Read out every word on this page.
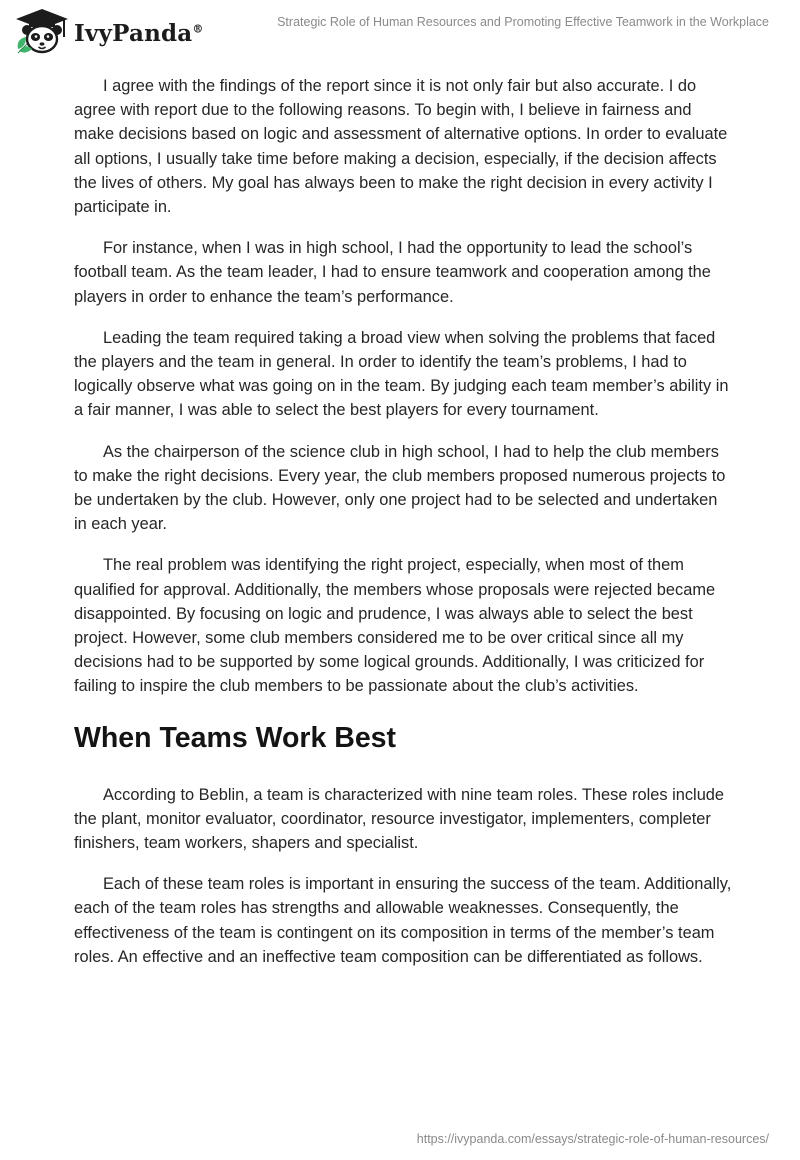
IvyPanda®	Strategic Role of Human Resources and Promoting Effective Teamwork in the Workplace

I agree with the findings of the report since it is not only fair but also accurate. I do agree with report due to the following reasons. To begin with, I believe in fairness and make decisions based on logic and assessment of alternative options. In order to evaluate all options, I usually take time before making a decision, especially, if the decision affects the lives of others. My goal has always been to make the right decision in every activity I participate in.

For instance, when I was in high school, I had the opportunity to lead the school’s football team. As the team leader, I had to ensure teamwork and cooperation among the players in order to enhance the team’s performance.

Leading the team required taking a broad view when solving the problems that faced the players and the team in general. In order to identify the team’s problems, I had to logically observe what was going on in the team. By judging each team member’s ability in a fair manner, I was able to select the best players for every tournament.

As the chairperson of the science club in high school, I had to help the club members to make the right decisions. Every year, the club members proposed numerous projects to be undertaken by the club. However, only one project had to be selected and undertaken in each year.

The real problem was identifying the right project, especially, when most of them qualified for approval. Additionally, the members whose proposals were rejected became disappointed. By focusing on logic and prudence, I was always able to select the best project. However, some club members considered me to be over critical since all my decisions had to be supported by some logical grounds. Additionally, I was criticized for failing to inspire the club members to be passionate about the club’s activities.

When Teams Work Best

According to Beblin, a team is characterized with nine team roles. These roles include the plant, monitor evaluator, coordinator, resource investigator, implementers, completer finishers, team workers, shapers and specialist.

Each of these team roles is important in ensuring the success of the team. Additionally, each of the team roles has strengths and allowable weaknesses. Consequently, the effectiveness of the team is contingent on its composition in terms of the member’s team roles. An effective and an ineffective team composition can be differentiated as follows.

https://ivypanda.com/essays/strategic-role-of-human-resources/
